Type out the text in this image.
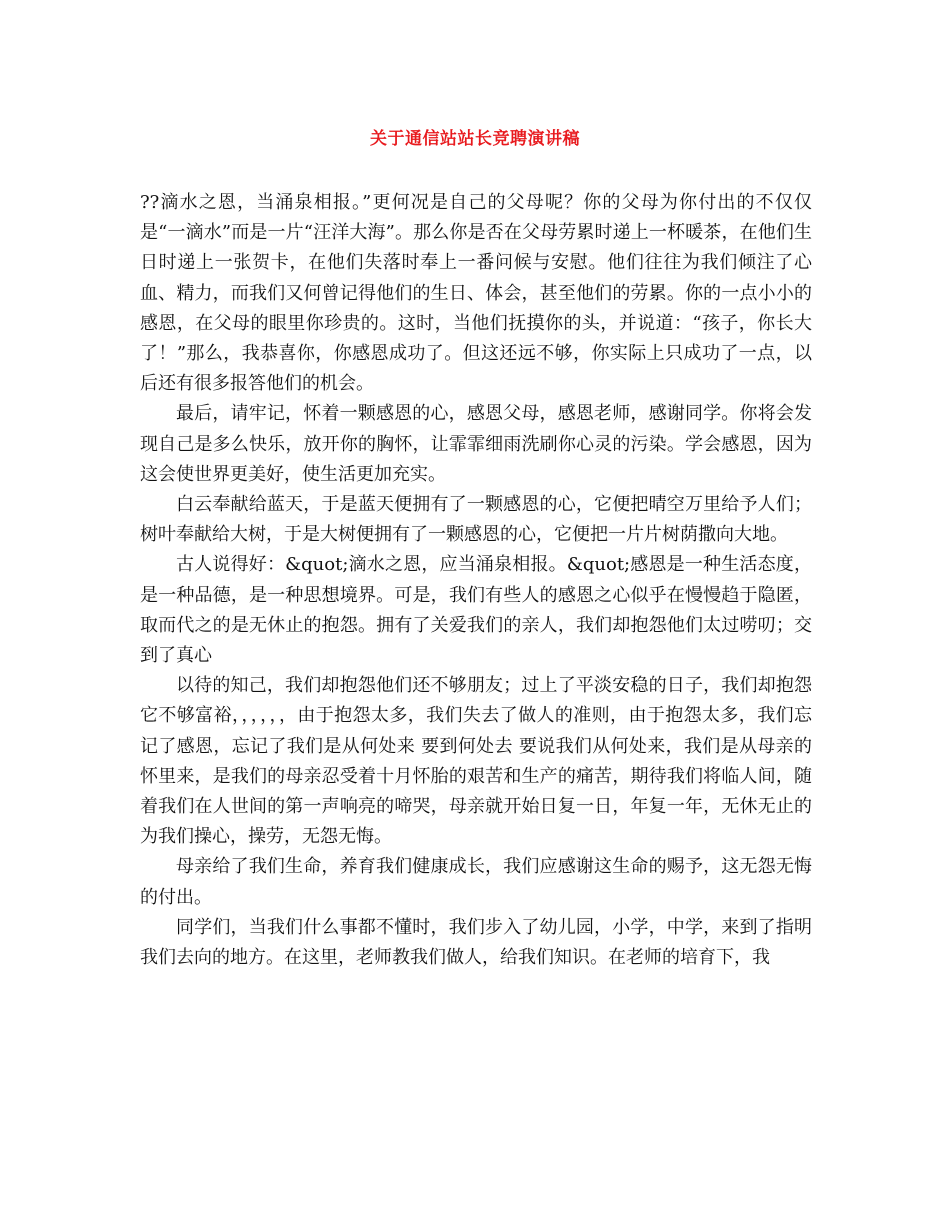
关于通信站站长竞聘演讲稿

??滴水之恩，当涌泉相报。”更何况是自己的父母呢？你的父母为你付出的不仅仅是“一滴水”而是一片“汪洋大海”。那么你是否在父母劳累时递上一杯暖茶，在他们生日时递上一张贺卡，在他们失落时奉上一番问候与安慰。他们往往为我们倾注了心血、精力，而我们又何曾记得他们的生日、体会，甚至他们的劳累。你的一点小小的感恩，在父母的眼里你珍贵的。这时，当他们抚摸你的头，并说道：“孩子，你长大了！”那么，我恭喜你，你感恩成功了。但这还远不够，你实际上只成功了一点，以后还有很多报答他们的机会。

最后，请牢记，怀着一颗感恩的心，感恩父母，感恩老师，感谢同学。你将会发现自己是多么快乐，放开你的胸怀，让霏霏细雨洗刷你心灵的污染。学会感恩，因为这会使世界更美好，使生活更加充实。

白云奉献给蓝天，于是蓝天便拥有了一颗感恩的心，它便把晴空万里给予人们；树叶奉献给大树，于是大树便拥有了一颗感恩的心，它便把一片片树荫撒向大地。

古人说得好：&quot;滴水之恩，应当涌泉相报。&quot;感恩是一种生活态度，是一种品德，是一种思想境界。可是，我们有些人的感恩之心似乎在慢慢趋于隐匿，取而代之的是无休止的抱怨。拥有了关爱我们的亲人，我们却抱怨他们太过唠叨；交到了真心

以待的知己，我们却抱怨他们还不够朋友；过上了平淡安稳的日子，我们却抱怨它不够富裕，，，，，，由于抱怨太多，我们失去了做人的准则，由于抱怨太多，我们忘记了感恩，忘记了我们是从何处来 要到何处去 要说我们从何处来，我们是从母亲的怀里来，是我们的母亲忍受着十月怀胎的艰苦和生产的痛苦，期待我们将临人间，随着我们在人世间的第一声响亮的啼哭，母亲就开始日复一日，年复一年，无休无止的为我们操心，操劳，无怨无悔。

母亲给了我们生命，养育我们健康成长，我们应感谢这生命的赐予，这无怨无悔的付出。

同学们，当我们什么事都不懂时，我们步入了幼儿园，小学，中学，来到了指明我们去向的地方。在这里，老师教我们做人，给我们知识。在老师的培育下，我
